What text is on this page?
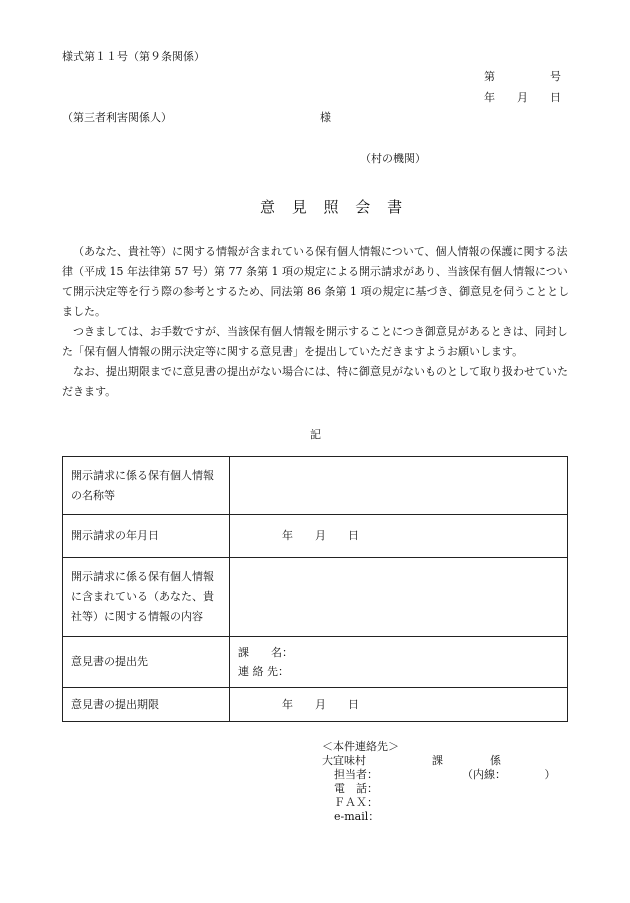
様式第１１号（第９条関係）
第　　　　　号
年　　月　　日
（第三者利害関係人）	様
（村の機関）
意 見 照 会 書

（あなた、貴社等）に関する情報が含まれている保有個人情報について、個人情報の保護に関する法律（平成 15 年法律第 57 号）第 77 条第 1 項の規定による開示請求があり、当該保有個人情報について開示決定等を行う際の参考とするため、同法第 86 条第 1 項の規定に基づき、御意見を伺うこととしました。

つきましては、お手数ですが、当該保有個人情報を開示することにつき御意見があるときは、同封した「保有個人情報の開示決定等に関する意見書」を提出していただきますようお願いします。

なお、提出期限までに意見書の提出がない場合には、特に御意見がないものとして取り扱わせていただきます。

記
開示請求に係る保有個人情報の名称等	
開示請求の年月日	年　　月　　日
開示請求に係る保有個人情報に含まれている（あなた、貴社等）に関する情報の内容	
意見書の提出先	課　　名：
連 絡 先：

意見書の提出期限	年　　月　　日
＜本件連絡先＞
大宜味村	課	係
担当者：	（内線：　　　　）
電　話：
ＦＡＸ：
e-mail：
